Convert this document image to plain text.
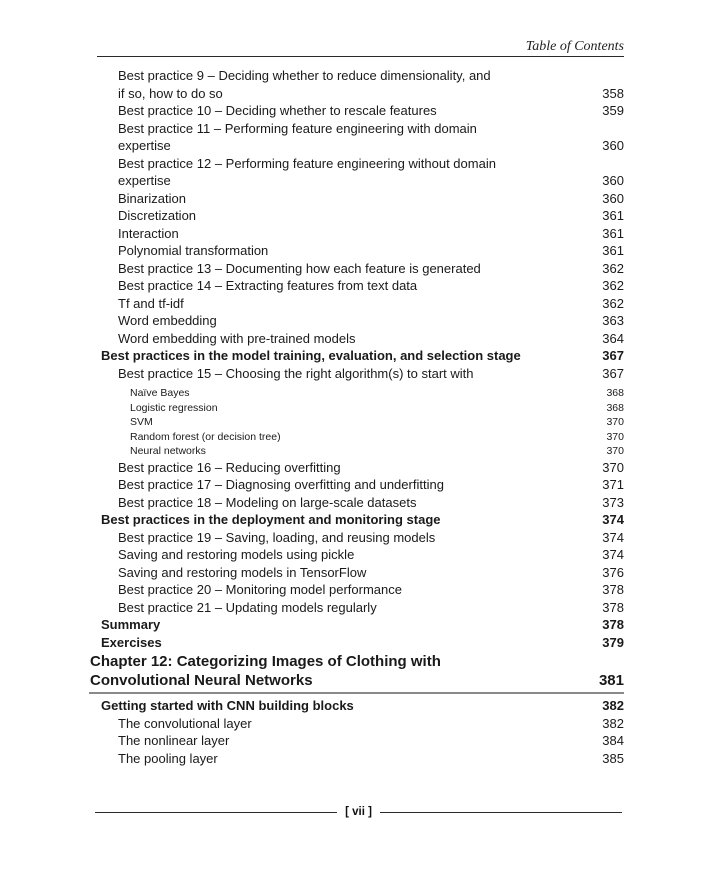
Table of Contents
Best practice 9 – Deciding whether to reduce dimensionality, and
if so, how to do so	358
Best practice 10 – Deciding whether to rescale features	359
Best practice 11 – Performing feature engineering with domain
expertise	360
Best practice 12 – Performing feature engineering without domain
expertise	360
Binarization	360
Discretization	361
Interaction	361
Polynomial transformation	361
Best practice 13 – Documenting how each feature is generated	362
Best practice 14 – Extracting features from text data	362
Tf and tf-idf	362
Word embedding	363
Word embedding with pre-trained models	364
Best practices in the model training, evaluation, and selection stage	367
Best practice 15 – Choosing the right algorithm(s) to start with	367
Naïve Bayes	368
Logistic regression	368
SVM	370
Random forest (or decision tree)	370
Neural networks	370
Best practice 16 – Reducing overfitting	370
Best practice 17 – Diagnosing overfitting and underfitting	371
Best practice 18 – Modeling on large-scale datasets	373
Best practices in the deployment and monitoring stage	374
Best practice 19 – Saving, loading, and reusing models	374
Saving and restoring models using pickle	374
Saving and restoring models in TensorFlow	376
Best practice 20 – Monitoring model performance	378
Best practice 21 – Updating models regularly	378
Summary	378
Exercises	379
Chapter 12: Categorizing Images of Clothing with
Convolutional Neural Networks	381
Getting started with CNN building blocks	382
The convolutional layer	382
The nonlinear layer	384
The pooling layer	385
[ vii ]
